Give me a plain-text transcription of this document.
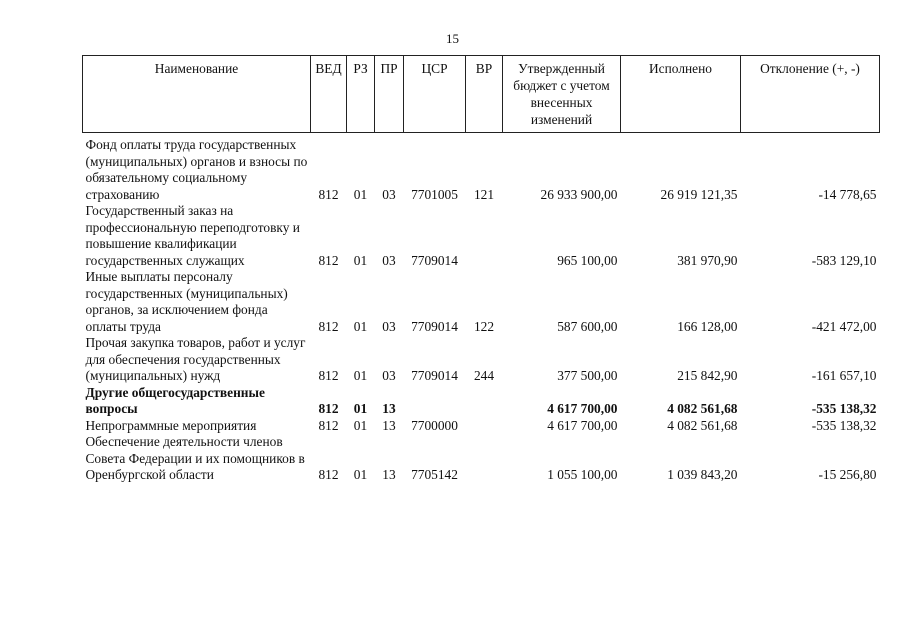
15
Наименование	ВЕД	РЗ	ПР	ЦСР	ВР	Утвержденный бюджет с учетом внесенных изменений	Исполнено	Отклонение (+, -)
Фонд оплаты труда государственных (муниципальных) органов и взносы по обязательному социальному страхованию	812	01	03	7701005	121	26 933 900,00	26 919 121,35	-14 778,65
Государственный заказ на профессиональную переподготовку и повышение квалификации государственных служащих	812	01	03	7709014		965 100,00	381 970,90	-583 129,10
Иные выплаты персоналу государственных (муниципальных) органов, за исключением фонда оплаты труда	812	01	03	7709014	122	587 600,00	166 128,00	-421 472,00
Прочая закупка товаров, работ и услуг для обеспечения государственных (муниципальных) нужд	812	01	03	7709014	244	377 500,00	215 842,90	-161 657,10
Другие общегосударственные вопросы	812	01	13			4 617 700,00	4 082 561,68	-535 138,32
Непрограммные мероприятия	812	01	13	7700000		4 617 700,00	4 082 561,68	-535 138,32
Обеспечение деятельности членов Совета Федерации и их помощников в Оренбургской области	812	01	13	7705142		1 055 100,00	1 039 843,20	-15 256,80
